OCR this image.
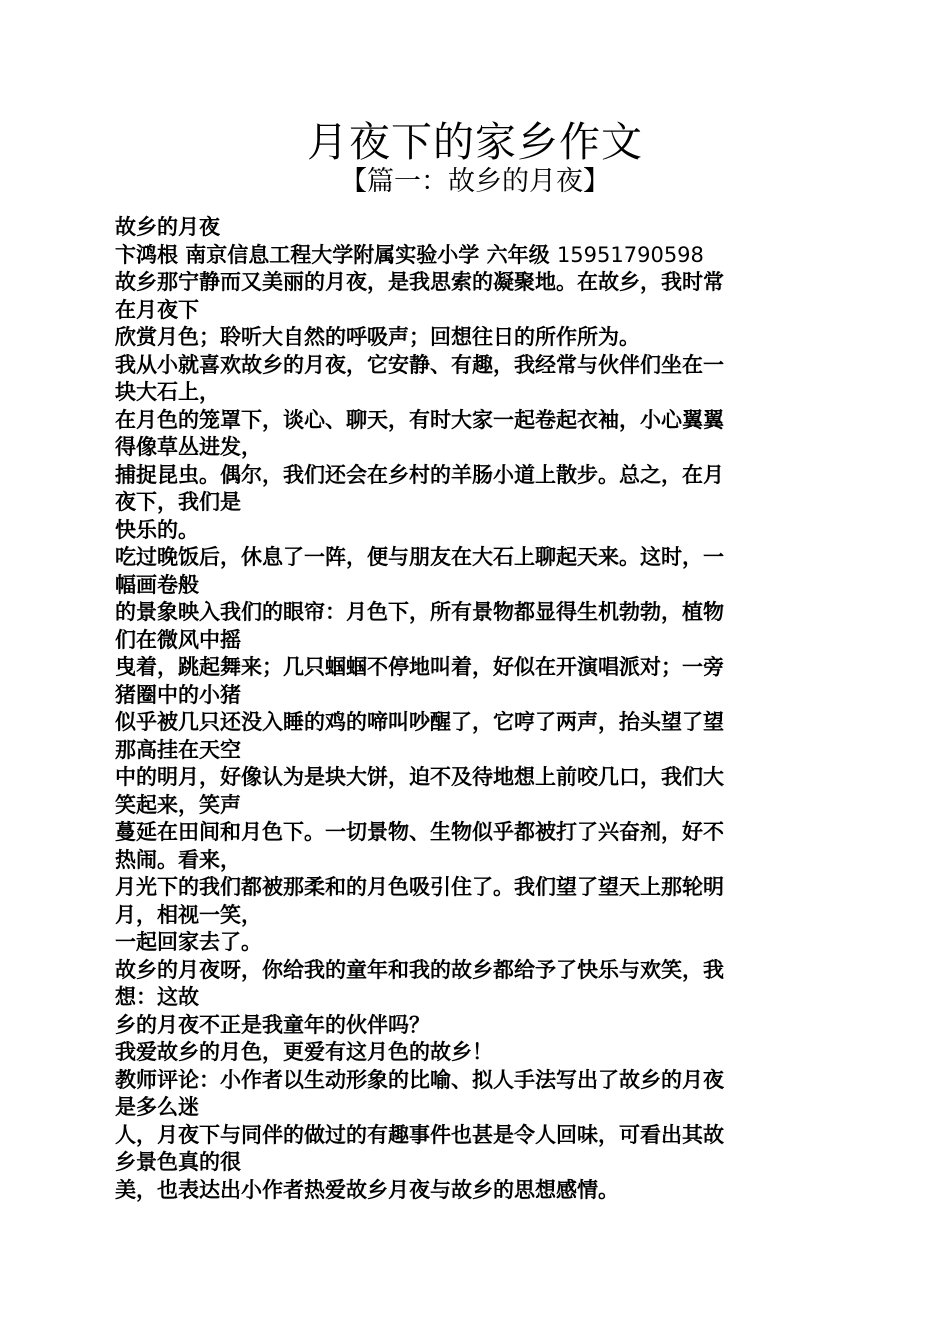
月夜下的家乡作文
【篇一：故乡的月夜】
故乡的月夜
卞鸿根 南京信息工程大学附属实验小学 六年级 15951790598
故乡那宁静而又美丽的月夜，是我思索的凝聚地。在故乡，我时常
在月夜下
欣赏月色；聆听大自然的呼吸声；回想往日的所作所为。
我从小就喜欢故乡的月夜，它安静、有趣，我经常与伙伴们坐在一
块大石上，
在月色的笼罩下，谈心、聊天，有时大家一起卷起衣袖，小心翼翼
得像草丛进发，
捕捉昆虫。偶尔，我们还会在乡村的羊肠小道上散步。总之，在月
夜下，我们是
快乐的。
吃过晚饭后，休息了一阵，便与朋友在大石上聊起天来。这时，一
幅画卷般
的景象映入我们的眼帘：月色下，所有景物都显得生机勃勃，植物
们在微风中摇
曳着，跳起舞来；几只蝈蝈不停地叫着，好似在开演唱派对；一旁
猪圈中的小猪
似乎被几只还没入睡的鸡的啼叫吵醒了，它哼了两声，抬头望了望
那高挂在天空
中的明月，好像认为是块大饼，迫不及待地想上前咬几口，我们大
笑起来，笑声
蔓延在田间和月色下。一切景物、生物似乎都被打了兴奋剂，好不
热闹。看来，
月光下的我们都被那柔和的月色吸引住了。我们望了望天上那轮明
月，相视一笑，
一起回家去了。
故乡的月夜呀，你给我的童年和我的故乡都给予了快乐与欢笑，我
想：这故
乡的月夜不正是我童年的伙伴吗？
我爱故乡的月色，更爱有这月色的故乡！
教师评论：小作者以生动形象的比喻、拟人手法写出了故乡的月夜
是多么迷
人，月夜下与同伴的做过的有趣事件也甚是令人回味，可看出其故
乡景色真的很
美，也表达出小作者热爱故乡月夜与故乡的思想感情。
